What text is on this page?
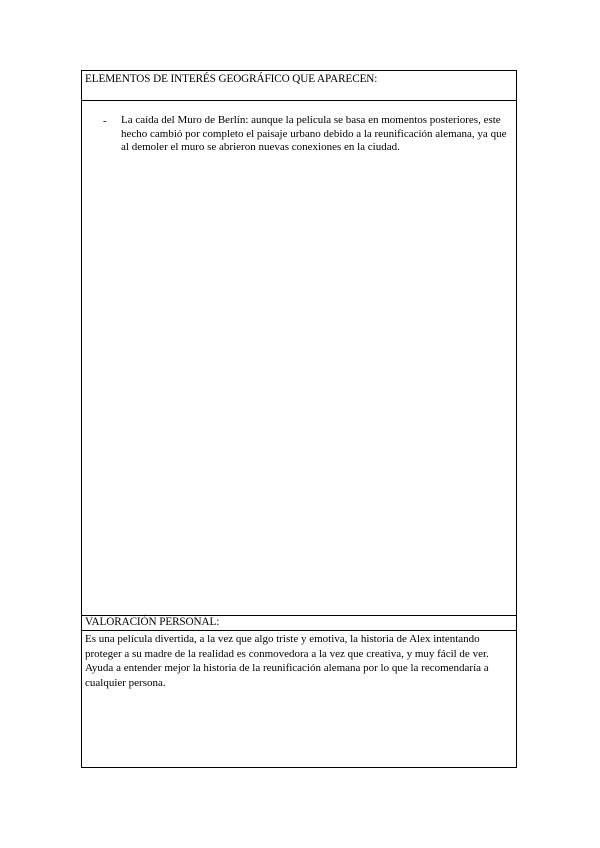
ELEMENTOS DE INTERÉS GEOGRÁFICO QUE APARECEN:
- La caída del Muro de Berlín: aunque la película se basa en momentos posteriores, este hecho cambió por completo el paisaje urbano debido a la reunificación alemana, ya que al demoler el muro se abrieron nuevas conexiones en la ciudad.
VALORACIÓN PERSONAL:
Es una película divertida, a la vez que algo triste y emotiva, la historia de Alex intentando proteger a su madre de la realidad es conmovedora a la vez que creativa, y muy fácil de ver. Ayuda a entender mejor la historia de la reunificación alemana por lo que la recomendaría a cualquier persona.
